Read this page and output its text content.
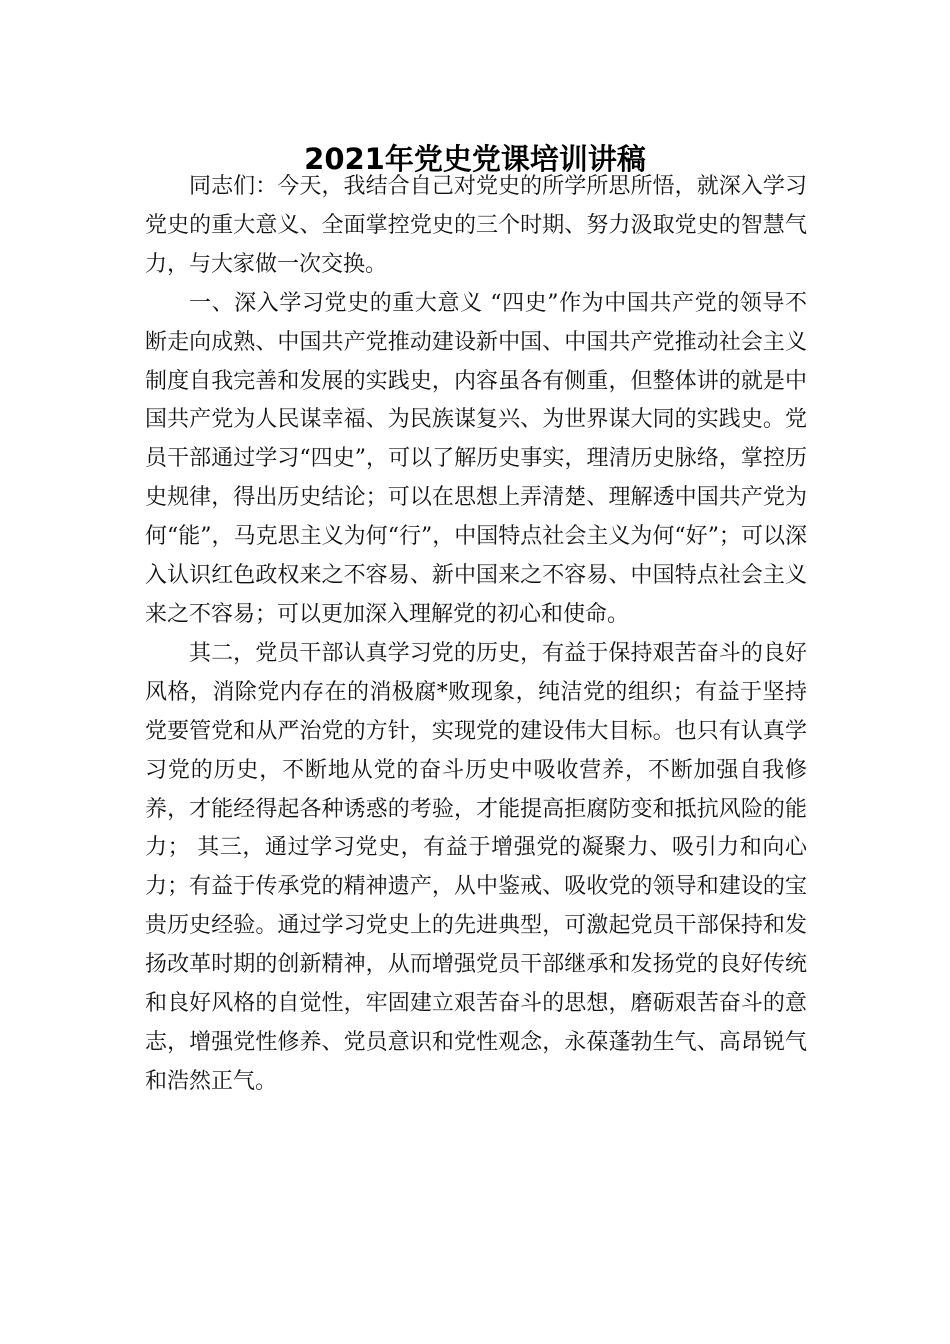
2021年党史党课培训讲稿

同志们：今天，我结合自己对党史的所学所思所悟，就深入学习党史的重大意义、全面掌控党史的三个时期、努力汲取党史的智慧气力，与大家做一次交换。

一、深入学习党史的重大意义 “四史”作为中国共产党的领导不断走向成熟、中国共产党推动建设新中国、中国共产党推动社会主义制度自我完善和发展的实践史，内容虽各有侧重，但整体讲的就是中国共产党为人民谋幸福、为民族谋复兴、为世界谋大同的实践史。党员干部通过学习“四史”，可以了解历史事实，理清历史脉络，掌控历史规律，得出历史结论；可以在思想上弄清楚、理解透中国共产党为何“能”，马克思主义为何“行”，中国特点社会主义为何“好”；可以深入认识红色政权来之不容易、新中国来之不容易、中国特点社会主义来之不容易；可以更加深入理解党的初心和使命。

其二，党员干部认真学习党的历史，有益于保持艰苦奋斗的良好风格，消除党内存在的消极腐*败现象，纯洁党的组织；有益于坚持党要管党和从严治党的方针，实现党的建设伟大目标。也只有认真学习党的历史，不断地从党的奋斗历史中吸收营养，不断加强自我修养，才能经得起各种诱惑的考验，才能提高拒腐防变和抵抗风险的能力； 其三，通过学习党史，有益于增强党的凝聚力、吸引力和向心力；有益于传承党的精神遗产，从中鉴戒、吸收党的领导和建设的宝贵历史经验。通过学习党史上的先进典型，可激起党员干部保持和发扬改革时期的创新精神，从而增强党员干部继承和发扬党的良好传统和良好风格的自觉性，牢固建立艰苦奋斗的思想，磨砺艰苦奋斗的意志，增强党性修养、党员意识和党性观念，永葆蓬勃生气、高昂锐气和浩然正气。
